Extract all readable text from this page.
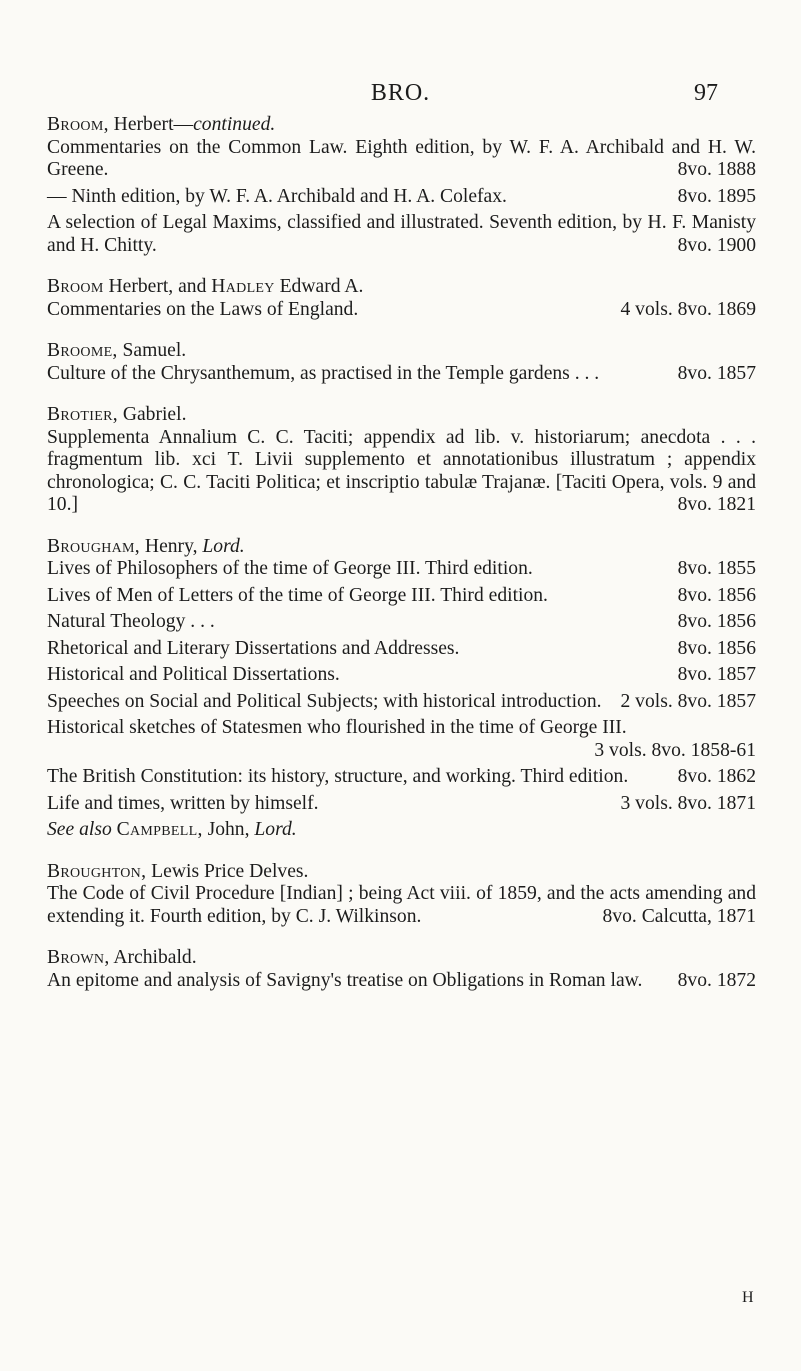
BRO.	97

Broom, Herbert—continued.

Commentaries on the Common Law. Eighth edition, by W. F. A. Archibald and H. W. Greene.	8vo. 1888

— Ninth edition, by W. F. A. Archibald and H. A. Colefax.	8vo. 1895

A selection of Legal Maxims, classified and illustrated. Seventh edition, by H. F. Manisty and H. Chitty.	8vo. 1900

Broom Herbert, and Hadley Edward A.

Commentaries on the Laws of England.	4 vols. 8vo. 1869

Broome, Samuel.

Culture of the Chrysanthemum, as practised in the Temple gardens . . .	8vo. 1857

Brotier, Gabriel.

Supplementa Annalium C. C. Taciti; appendix ad lib. v. historiarum; anecdota . . . fragmentum lib. xci T. Livii supplemento et annotationibus illustratum ; appendix chronologica; C. C. Taciti Politica; et inscriptio tabulæ Trajanæ. [Taciti Opera, vols. 9 and 10.]	8vo. 1821

Brougham, Henry, Lord.

Lives of Philosophers of the time of George III. Third edition.	8vo. 1855

Lives of Men of Letters of the time of George III. Third edition.	8vo. 1856

Natural Theology . . .	8vo. 1856

Rhetorical and Literary Dissertations and Addresses.	8vo. 1856

Historical and Political Dissertations.	8vo. 1857

Speeches on Social and Political Subjects; with historical introduction. 2 vols. 8vo. 1857

Historical sketches of Statesmen who flourished in the time of George III.
3 vols. 8vo. 1858-61

The British Constitution: its history, structure, and working. Third edition.	8vo. 1862

Life and times, written by himself.	3 vols. 8vo. 1871

See also Campbell, John, Lord.

Broughton, Lewis Price Delves.

The Code of Civil Procedure [Indian] ; being Act viii. of 1859, and the acts amending and extending it. Fourth edition, by C. J. Wilkinson.	8vo. Calcutta, 1871

Brown, Archibald.

An epitome and analysis of Savigny's treatise on Obligations in Roman law. 8vo. 1872

H
